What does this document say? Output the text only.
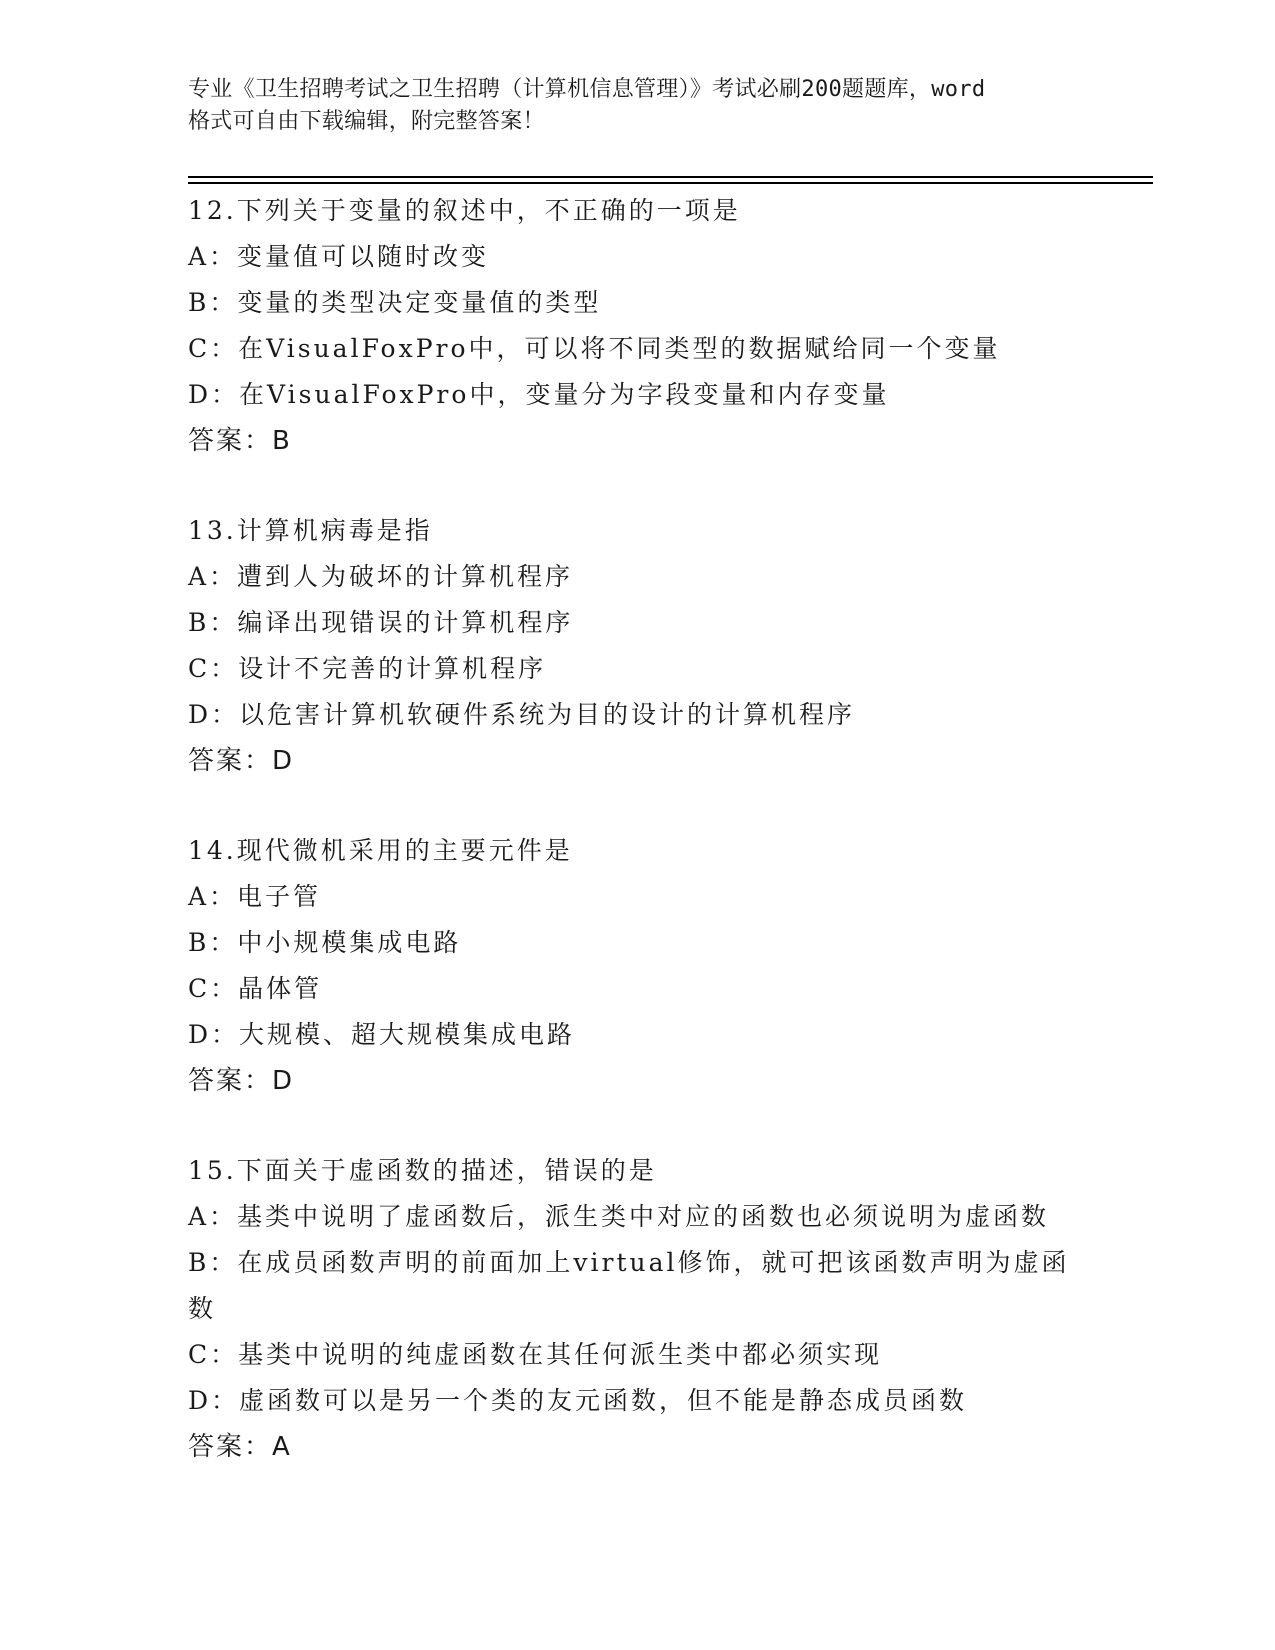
专业《卫生招聘考试之卫生招聘（计算机信息管理）》考试必刷200题题库，word
格式可自由下载编辑，附完整答案！
12.下列关于变量的叙述中，不正确的一项是
A：变量值可以随时改变
B：变量的类型决定变量值的类型
C：在VisualFoxPro中，可以将不同类型的数据赋给同一个变量
D：在VisualFoxPro中，变量分为字段变量和内存变量
答案：B
13.计算机病毒是指
A：遭到人为破坏的计算机程序
B：编译出现错误的计算机程序
C：设计不完善的计算机程序
D：以危害计算机软硬件系统为目的设计的计算机程序
答案：D
14.现代微机采用的主要元件是
A：电子管
B：中小规模集成电路
C：晶体管
D：大规模、超大规模集成电路
答案：D
15.下面关于虚函数的描述，错误的是
A：基类中说明了虚函数后，派生类中对应的函数也必须说明为虚函数
B：在成员函数声明的前面加上virtual修饰，就可把该函数声明为虚函数
C：基类中说明的纯虚函数在其任何派生类中都必须实现
D：虚函数可以是另一个类的友元函数，但不能是静态成员函数
答案：A
